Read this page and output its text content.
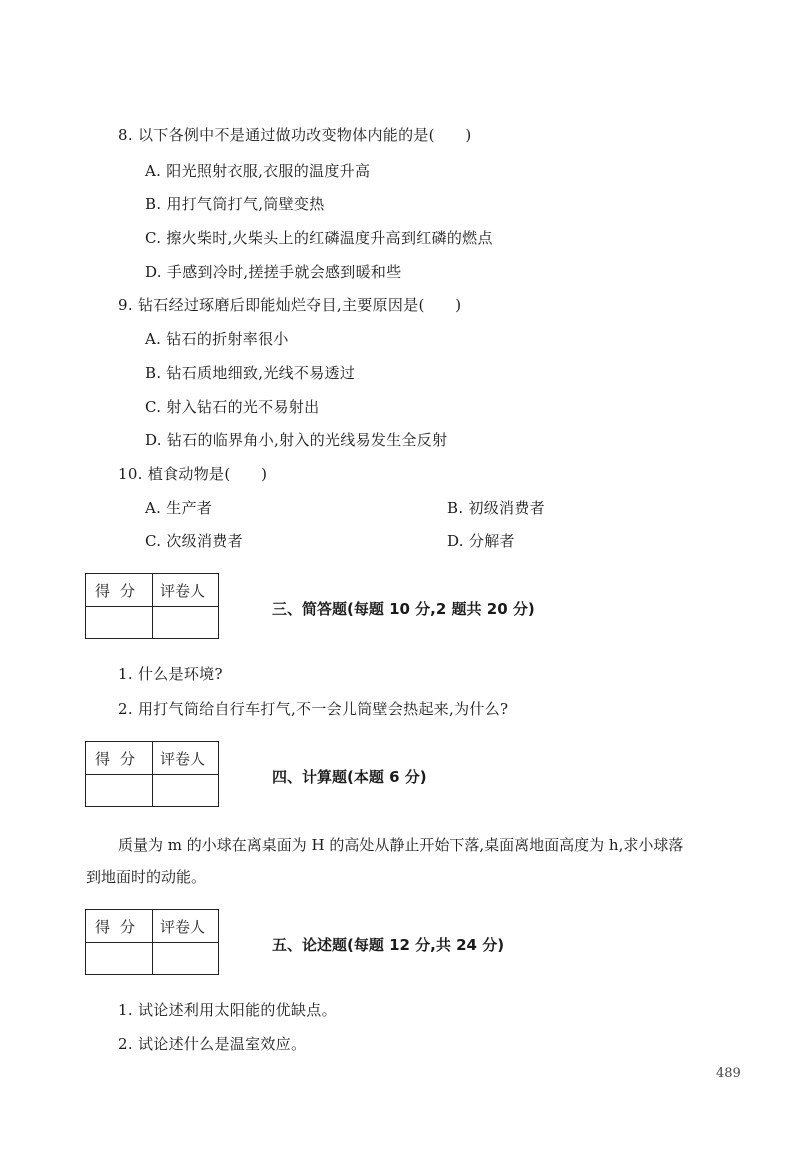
8. 以下各例中不是通过做功改变物体内能的是(　　)
A. 阳光照射衣服,衣服的温度升高
B. 用打气筒打气,筒壁变热
C. 擦火柴时,火柴头上的红磷温度升高到红磷的燃点
D. 手感到冷时,搓搓手就会感到暖和些
9. 钻石经过琢磨后即能灿烂夺目,主要原因是(　　)
A. 钻石的折射率很小
B. 钻石质地细致,光线不易透过
C. 射入钻石的光不易射出
D. 钻石的临界角小,射入的光线易发生全反射
10. 植食动物是(　　)
A. 生产者	B. 初级消费者
C. 次级消费者	D. 分解者
得分 评卷人
三、简答题(每题 10 分,2 题共 20 分)
1. 什么是环境?
2. 用打气筒给自行车打气,不一会儿筒壁会热起来,为什么?
得分 评卷人
四、计算题(本题 6 分)
质量为 m 的小球在离桌面为 H 的高处从静止开始下落,桌面离地面高度为 h,求小球落
到地面时的动能。
得分 评卷人
五、论述题(每题 12 分,共 24 分)
1. 试论述利用太阳能的优缺点。
2. 试论述什么是温室效应。
489
